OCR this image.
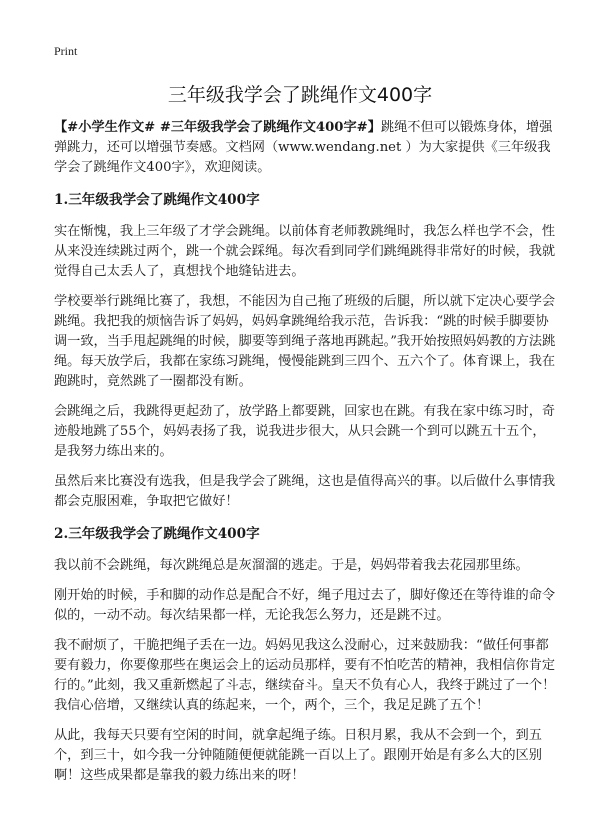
Print
三年级我学会了跳绳作文400字

【#小学生作文# #三年级我学会了跳绳作文400字#】跳绳不但可以锻炼身体，增强弹跳力，还可以增强节奏感。文档网（www.wendang.net ）为大家提供《三年级我学会了跳绳作文400字》，欢迎阅读。

1.三年级我学会了跳绳作文400字

实在惭愧，我上三年级了才学会跳绳。以前体育老师教跳绳时，我怎么样也学不会，性从来没连续跳过两个，跳一个就会踩绳。每次看到同学们跳绳跳得非常好的时候，我就觉得自己太丢人了，真想找个地缝钻进去。

学校要举行跳绳比赛了，我想，不能因为自己拖了班级的后腿，所以就下定决心要学会跳绳。我把我的烦恼告诉了妈妈，妈妈拿跳绳给我示范，告诉我：“跳的时候手脚要协调一致，当手甩起跳绳的时候，脚要等到绳子落地再跳起。”我开始按照妈妈教的方法跳绳。每天放学后，我都在家练习跳绳，慢慢能跳到三四个、五六个了。体育课上，我在跑跳时，竟然跳了一圈都没有断。

会跳绳之后，我跳得更起劲了，放学路上都要跳，回家也在跳。有我在家中练习时，奇迹般地跳了55个，妈妈表扬了我，说我进步很大，从只会跳一个到可以跳五十五个，是我努力练出来的。

虽然后来比赛没有选我，但是我学会了跳绳，这也是值得高兴的事。以后做什么事情我都会克服困难，争取把它做好！

2.三年级我学会了跳绳作文400字

我以前不会跳绳，每次跳绳总是灰溜溜的逃走。于是，妈妈带着我去花园那里练。

刚开始的时候，手和脚的动作总是配合不好，绳子甩过去了，脚好像还在等待谁的命令似的，一动不动。每次结果都一样，无论我怎么努力，还是跳不过。

我不耐烦了，干脆把绳子丢在一边。妈妈见我这么没耐心，过来鼓励我：“做任何事都要有毅力，你要像那些在奥运会上的运动员那样，要有不怕吃苦的精神，我相信你肯定行的。”此刻，我又重新燃起了斗志，继续奋斗。皇天不负有心人，我终于跳过了一个！我信心倍增，又继续认真的练起来，一个，两个，三个，我足足跳了五个！

从此，我每天只要有空闲的时间，就拿起绳子练。日积月累，我从不会到一个，到五个，到三十，如今我一分钟随随便便就能跳一百以上了。跟刚开始是有多么大的区别啊！这些成果都是靠我的毅力练出来的呀！
